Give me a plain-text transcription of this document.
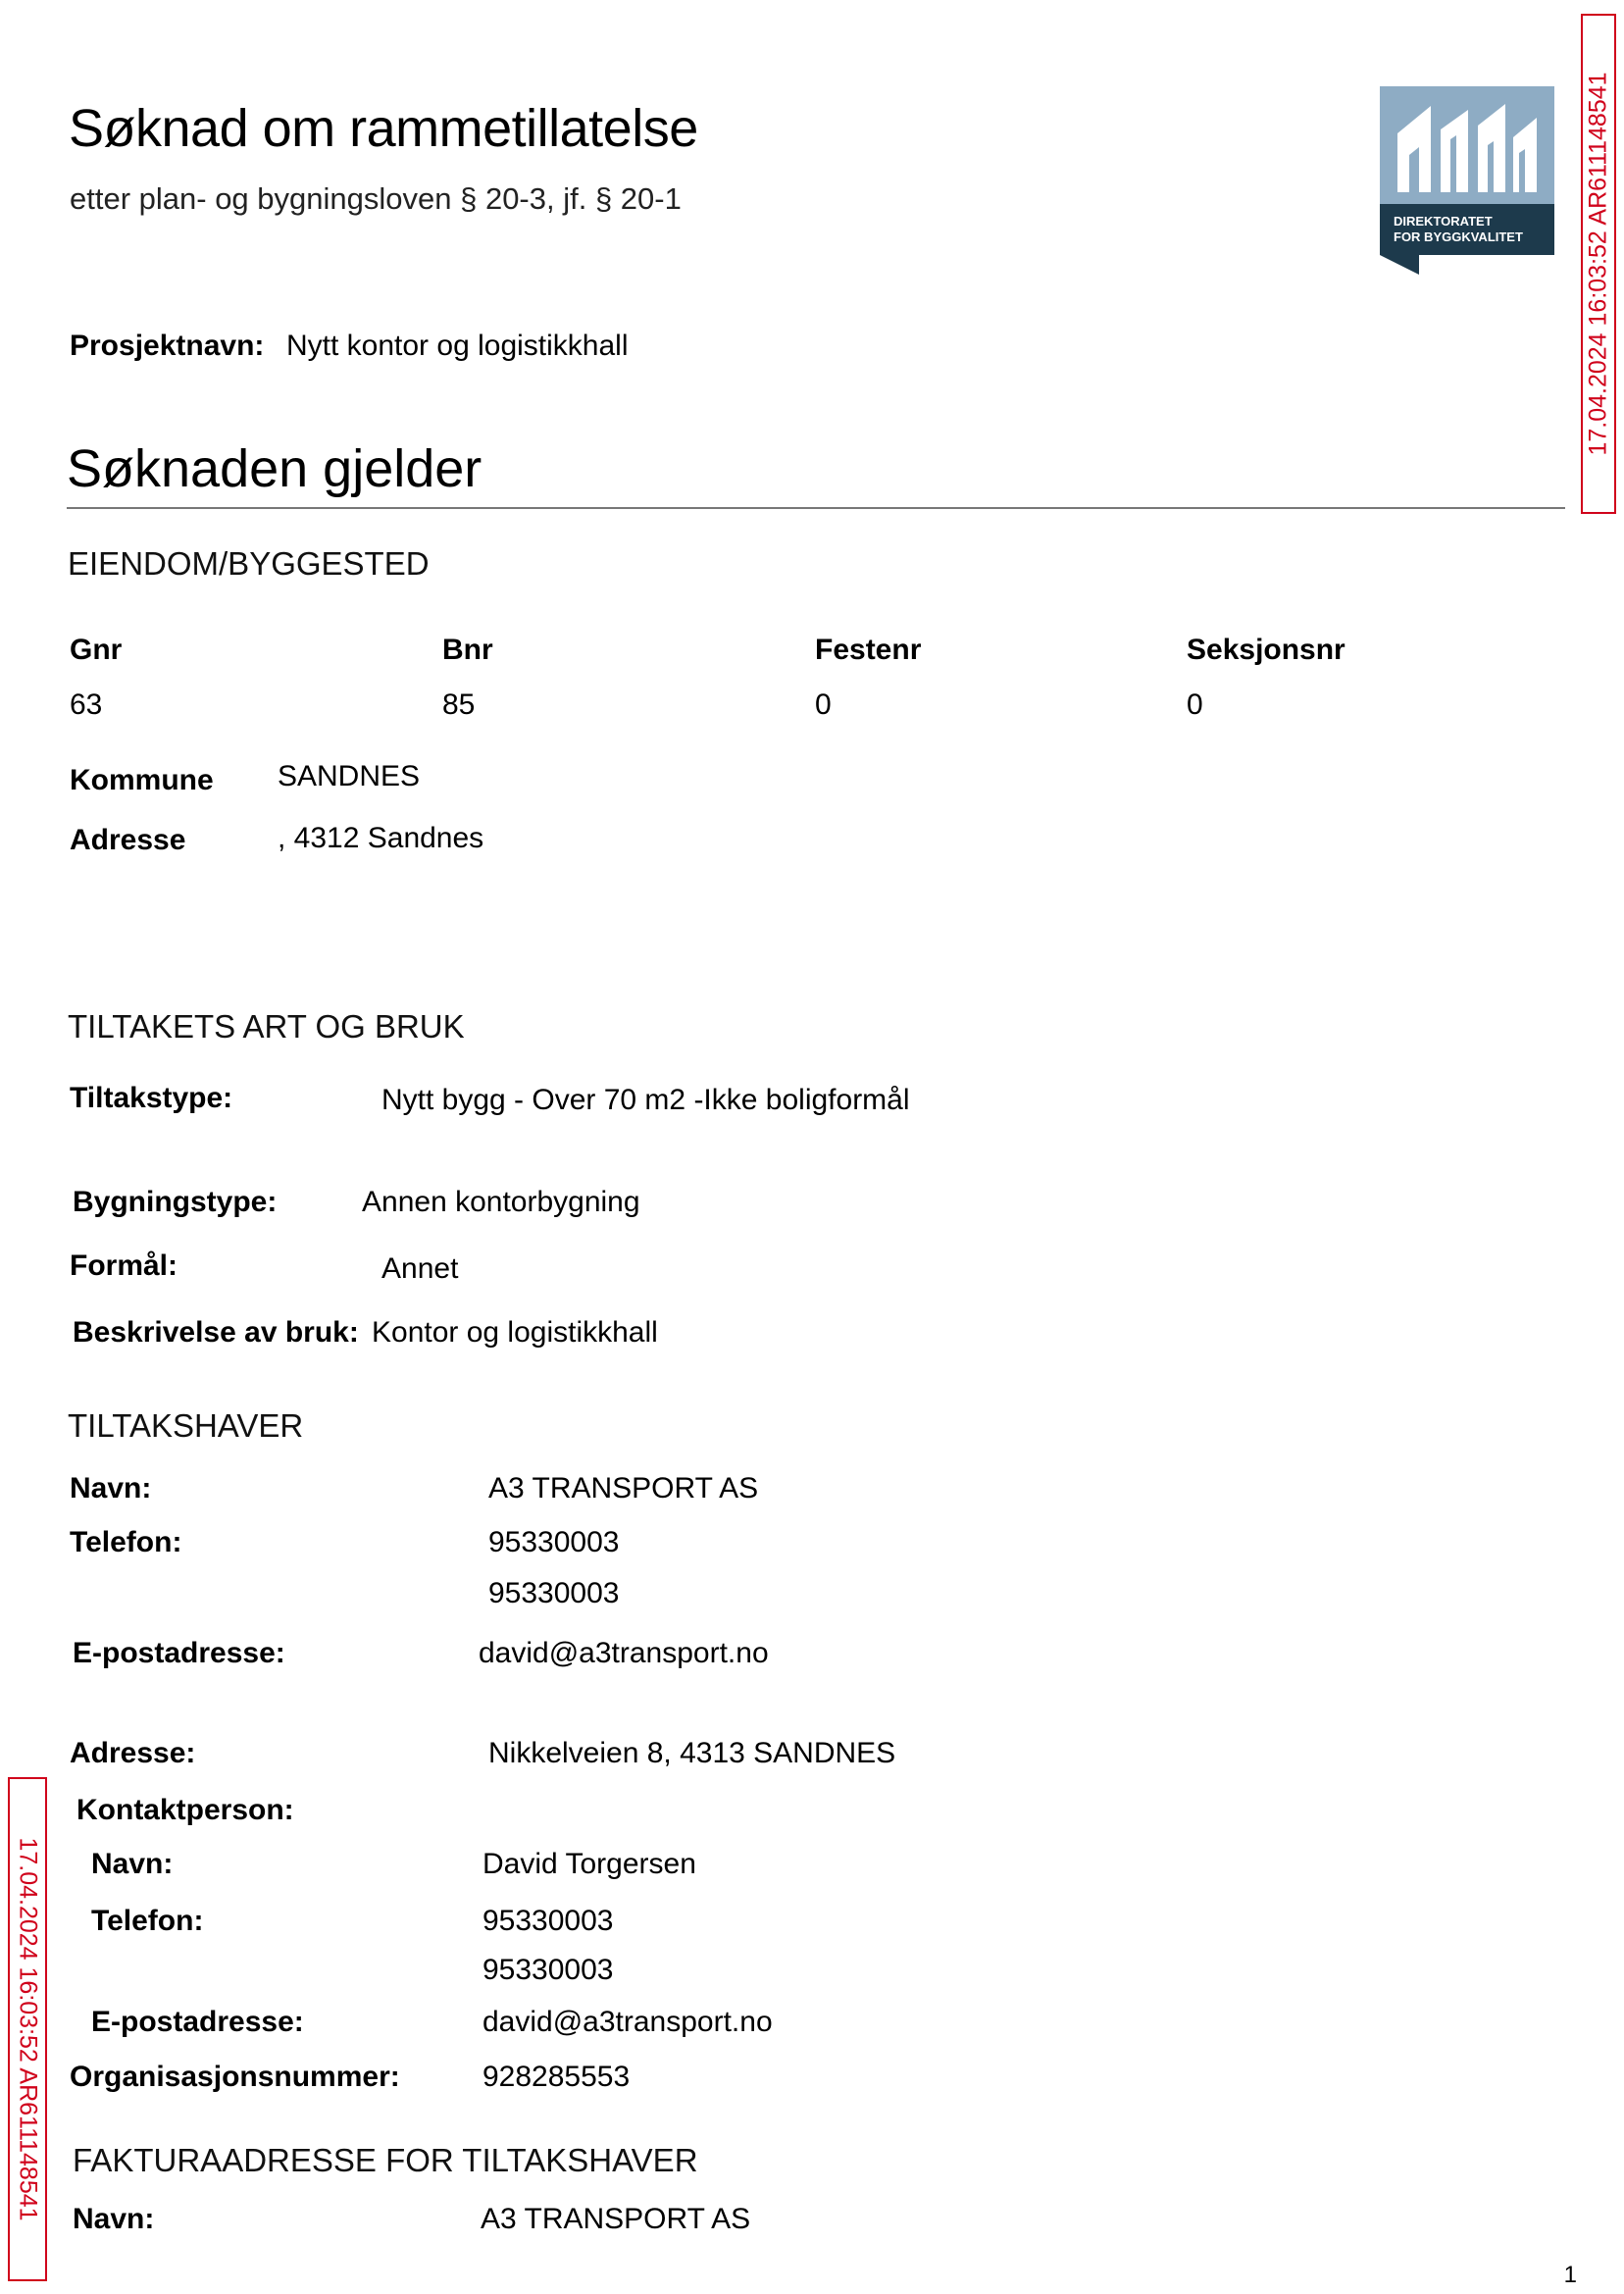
Søknad om rammetillatelse
etter plan- og bygningsloven § 20-3, jf. § 20-1
DIREKTORATET
FOR BYGGKVALITET	17.04.2024 16:03:52 AR611148541
17.04.2024 16:03:52 AR611148541
Prosjektnavn: Nytt kontor og logistikkhall
Søknaden gjelder
EIENDOM/BYGGESTED
Gnr	Bnr	Festenr	Seksjonsnr
63	85	0	0
Kommune SANDNES
Adresse	, 4312 Sandnes
TILTAKETS ART OG BRUK
Tiltakstype:	Nytt bygg - Over 70 m2 -Ikke boligformål
Bygningstype:	Annen kontorbygning
Formål:	Annet
Beskrivelse av bruk: Kontor og logistikkhall
TILTAKSHAVER
Navn:	A3 TRANSPORT AS
Telefon:	95330003
95330003
E-postadresse:	david@a3transport.no
Adresse:	Nikkelveien 8, 4313 SANDNES
Kontaktperson:
Navn:	David Torgersen
Telefon:	95330003
95330003
E-postadresse:	david@a3transport.no
Organisasjonsnummer:	928285553
FAKTURAADRESSE FOR TILTAKSHAVER
Navn:	A3 TRANSPORT AS
1
